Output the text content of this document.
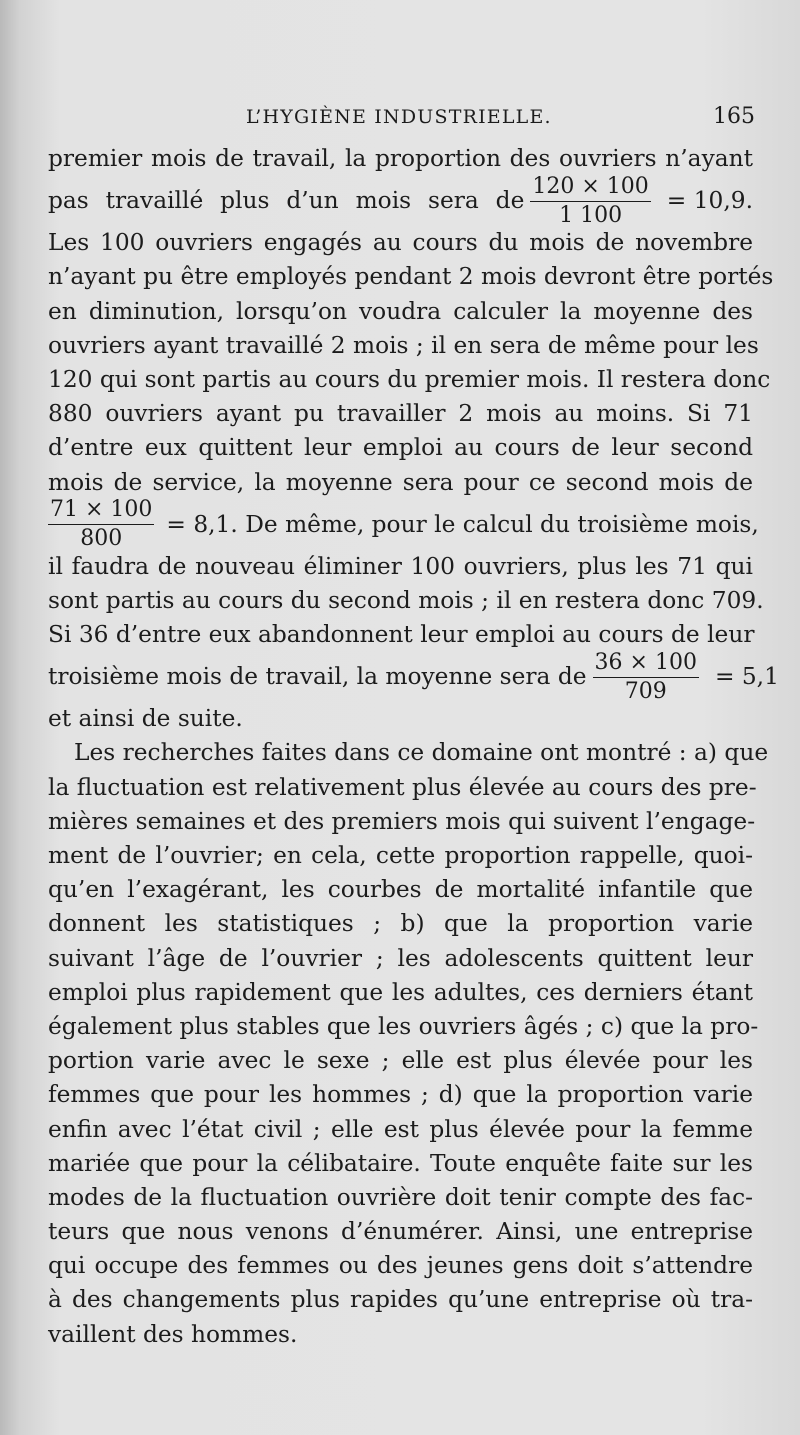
L’HYGIÈNE INDUSTRIELLE.	165
premier mois de travail, la proportion des ouvriers n’ayant
pas travaillé plus d’un mois sera de $\frac{120 \times 100}{1 100} = 10,9$.
Les 100 ouvriers engagés au cours du mois de novembre
n’ayant pu être employés pendant 2 mois devront être portés
en diminution, lorsqu’on voudra calculer la moyenne des
ouvriers ayant travaillé 2 mois ; il en sera de même pour les
120 qui sont partis au cours du premier mois. Il restera donc
880 ouvriers ayant pu travailler 2 mois au moins. Si 71
d’entre eux quittent leur emploi au cours de leur second
mois de service, la moyenne sera pour ce second mois de
$\frac{71 \times 100}{800} = 8,1$. De même, pour le calcul du troisième mois,
il faudra de nouveau éliminer 100 ouvriers, plus les 71 qui
sont partis au cours du second mois ; il en restera donc 709.
Si 36 d’entre eux abandonnent leur emploi au cours de leur
troisième mois de travail, la moyenne sera de $\frac{36 \times 100}{709} = 5,1$
et ainsi de suite.
Les recherches faites dans ce domaine ont montré : a) que
la fluctuation est relativement plus élevée au cours des pre-
mières semaines et des premiers mois qui suivent l’engage-
ment de l’ouvrier; en cela, cette proportion rappelle, quoi-
qu’en l’exagérant, les courbes de mortalité infantile que
donnent les statistiques ; b) que la proportion varie
suivant l’âge de l’ouvrier ; les adolescents quittent leur
emploi plus rapidement que les adultes, ces derniers étant
également plus stables que les ouvriers âgés ; c) que la pro-
portion varie avec le sexe ; elle est plus élevée pour les
femmes que pour les hommes ; d) que la proportion varie
enfin avec l’état civil ; elle est plus élevée pour la femme
mariée que pour la célibataire. Toute enquête faite sur les
modes de la fluctuation ouvrière doit tenir compte des fac-
teurs que nous venons d’énumérer. Ainsi, une entreprise
qui occupe des femmes ou des jeunes gens doit s’attendre
à des changements plus rapides qu’une entreprise où tra-
vaillent des hommes.
